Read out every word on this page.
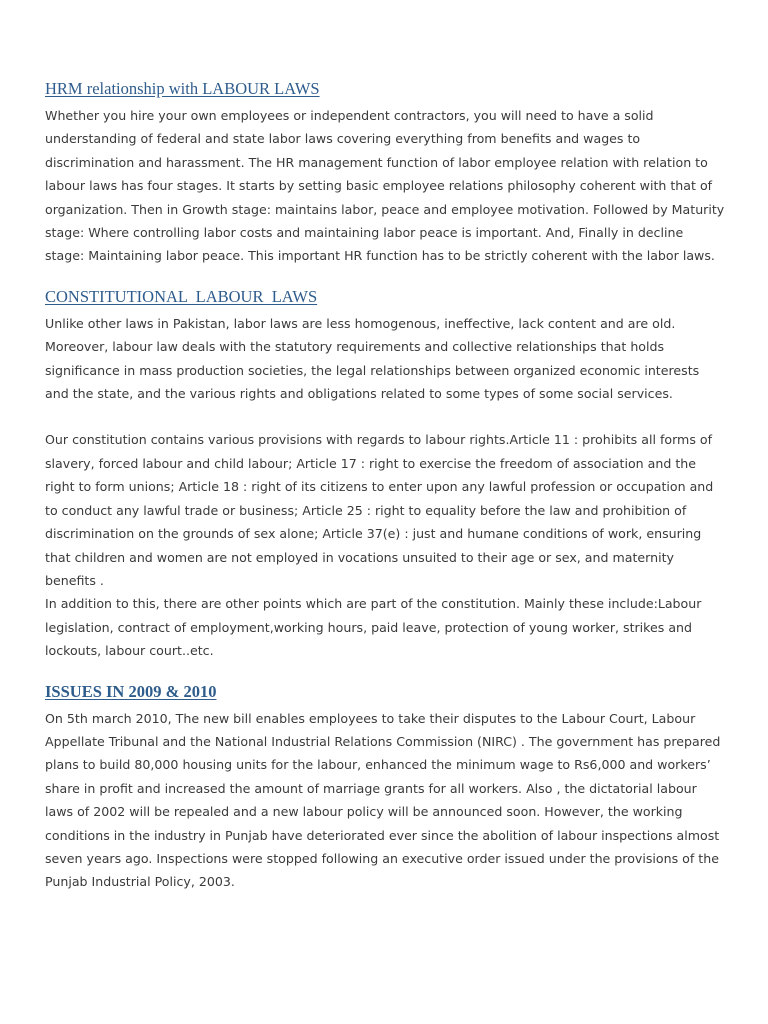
HRM relationship with LABOUR LAWS

Whether you hire your own employees or independent contractors, you will need to have a solid understanding of federal and state labor laws covering everything from benefits and wages to discrimination and harassment. The HR management function of labor employee relation with relation to labour laws has four stages. It starts by setting basic employee relations philosophy coherent with that of organization. Then in Growth stage: maintains labor, peace and employee motivation. Followed by Maturity stage: Where controlling labor costs and maintaining labor peace is important. And, Finally in decline stage: Maintaining labor peace. This important HR function has to be strictly coherent with the labor laws.

CONSTITUTIONAL  LABOUR  LAWS

Unlike other laws in Pakistan, labor laws are less homogenous, ineffective, lack content and are old. Moreover, labour law deals with the statutory requirements and collective relationships that holds significance in mass production societies, the legal relationships between organized economic interests and the state, and the various rights and obligations related to some types of some social services.

Our constitution contains various provisions with regards to labour rights.Article 11 : prohibits all forms of slavery, forced labour and child labour; Article 17 : right to exercise the freedom of association and the right to form unions; Article 18 : right of its citizens to enter upon any lawful profession or occupation and to conduct any lawful trade or business; Article 25 : right to equality before the law and prohibition of discrimination on the grounds of sex alone; Article 37(e) : just and humane conditions of work, ensuring that children and women are not employed in vocations unsuited to their age or sex, and maternity benefits .

In addition to this, there are other points which are part of the constitution. Mainly these include:Labour legislation, contract of employment,working hours, paid leave, protection of young worker, strikes and lockouts, labour court..etc.

ISSUES IN 2009 & 2010

On 5th march 2010, The new bill enables employees to take their disputes to the Labour Court, Labour Appellate Tribunal and the National Industrial Relations Commission (NIRC) . The government has prepared plans to build 80,000 housing units for the labour, enhanced the minimum wage to Rs6,000 and workers’ share in profit and increased the amount of marriage grants for all workers. Also , the dictatorial labour laws of 2002 will be repealed and a new labour policy will be announced soon. However, the working conditions in the industry in Punjab have deteriorated ever since the abolition of labour inspections almost seven years ago. Inspections were stopped following an executive order issued under the provisions of the Punjab Industrial Policy, 2003.
